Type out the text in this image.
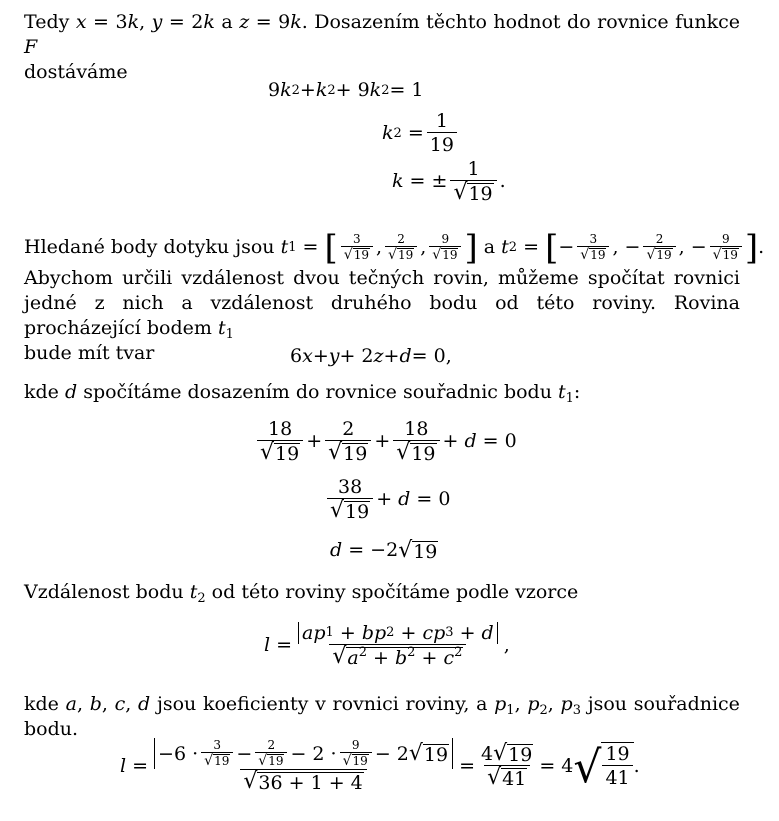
Tedy x = 3k, y = 2k a z = 9k. Dosazením těchto hodnot do rovnice funkce F
dostáváme

9 k 2 + k 2 + 9 k 2 = 1
k $2 = \frac{1}{19}$
k = ± $\frac{1}{√ 19}$ .
Hledané body dotyku jsou
t 1 = [ $\frac{3}{√ 19}$ , $\frac{2}{√ 19}$ , $\frac{9}{√ 19}$ ]
a
t 2 = [ − $\frac{3}{√ 19}$ , − $\frac{2}{√ 19}$ , − $\frac{9}{√ 19}$ ] .

Abychom určili vzdálenost dvou tečných rovin, můžeme spočítat rovnici jedné z nich a vzdálenost druhého bodu od této roviny. Rovina procházející bodem $t_1$
bude mít tvar	6 x + y + 2 z + d = 0,

kde d spočítáme dosazením do rovnice souřadnic bodu $t_1$:

$\frac{18}{√ 19} + \frac{2}{√ 19} + \frac{18}{√ 19} + d = 0$
$\frac{38}{√ 19} + d = 0$
d = −2 √ 19

Vzdálenost bodu $t_2$ od této roviny spočítáme podle vzorce

$l = \frac{ap 1 + bp 2 + cp 3 + d}{√ a^2 + b^2 + c^2}$ ,

kde a, b, c, d jsou koeficienty v rovnici roviny, a $p_1$, $p_2$, $p_3$ jsou souřadnice bodu.

$l = \frac{-6 \cdot \frac{3}{√ 19} - \frac{2}{√ 19} - 2 \cdot \frac{9}{√ 19} - 2 √ 19}{√ 36 + 1 + 4} = \frac{4 √ 19}{√ 41} = 4$ √ $\frac{19}{41}$ .
